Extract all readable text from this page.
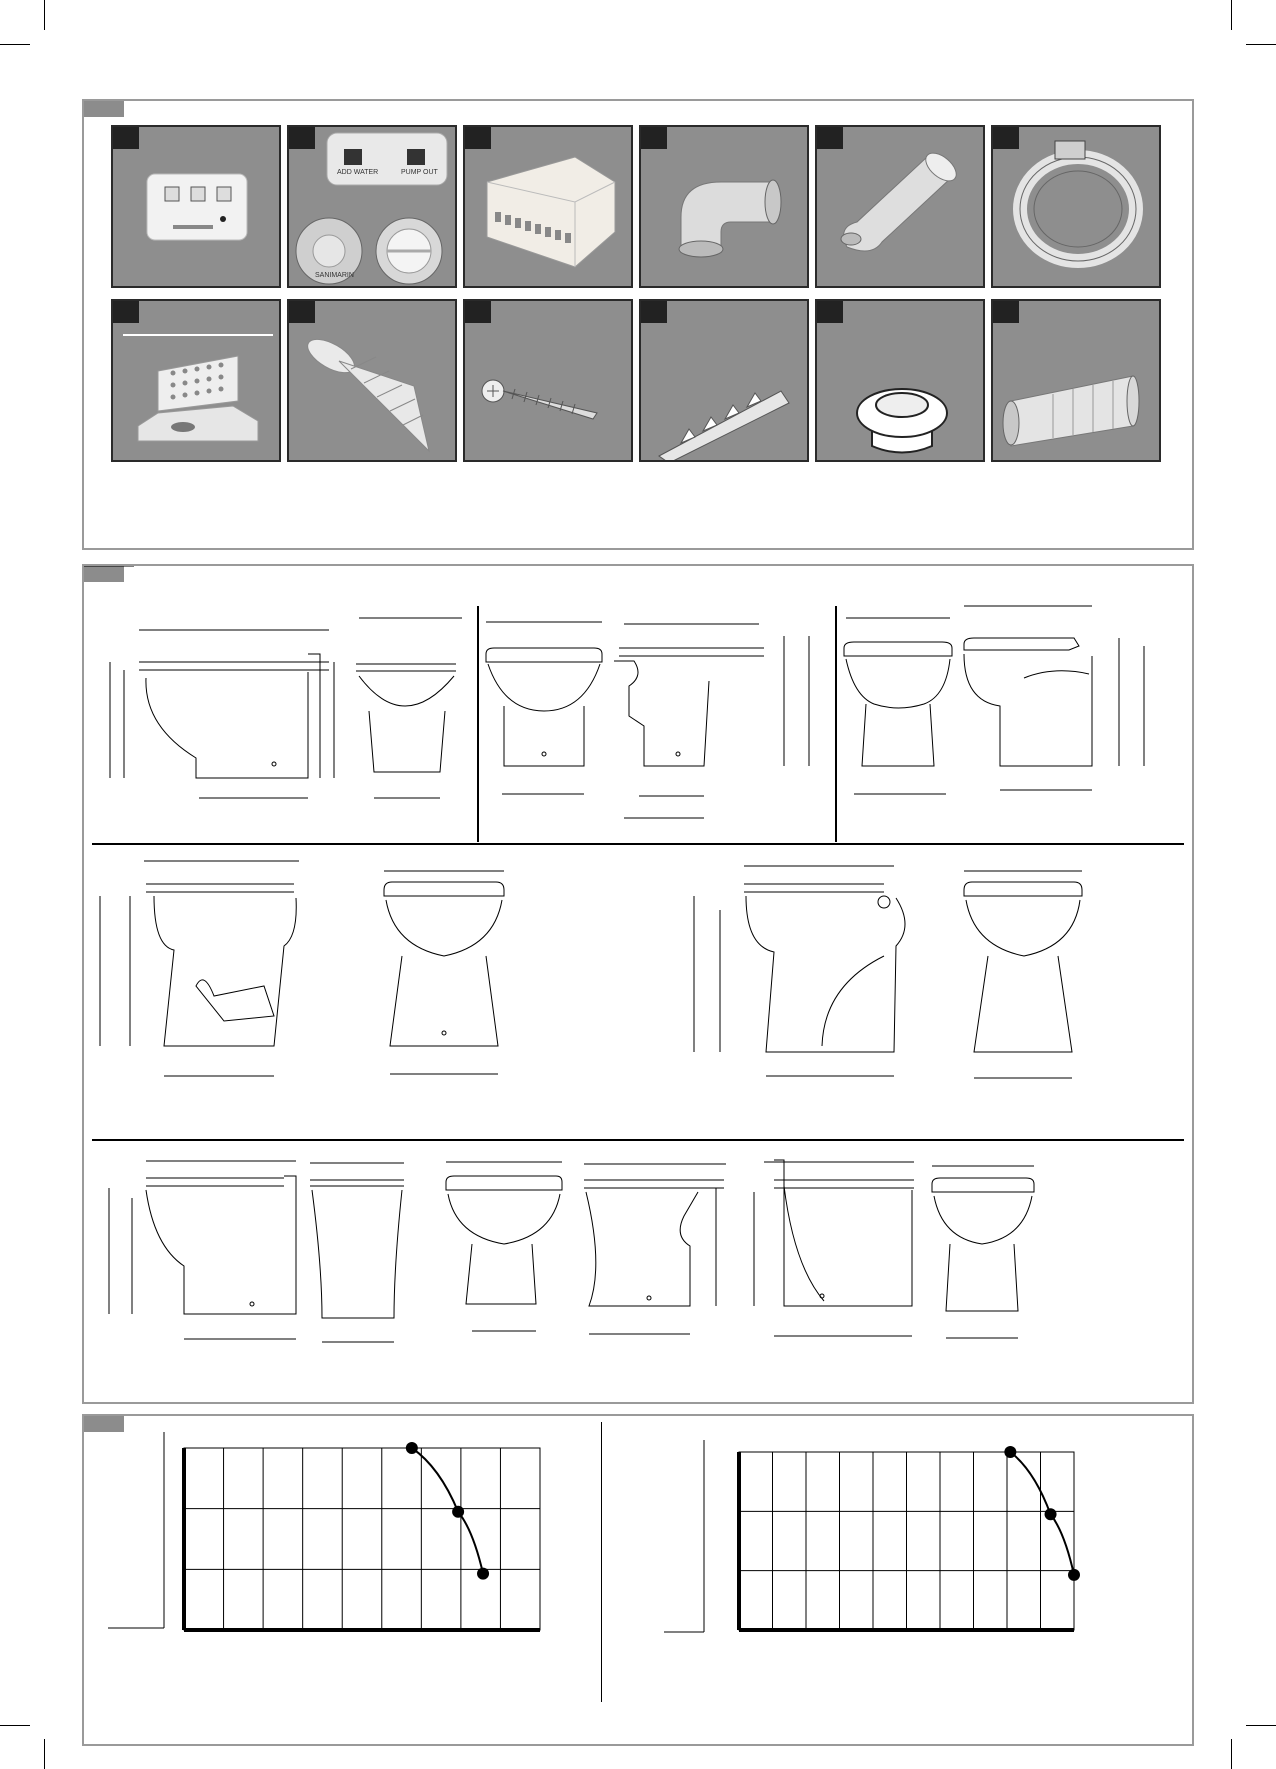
ADD WATER	PUMP OUT
SANIMARIN
